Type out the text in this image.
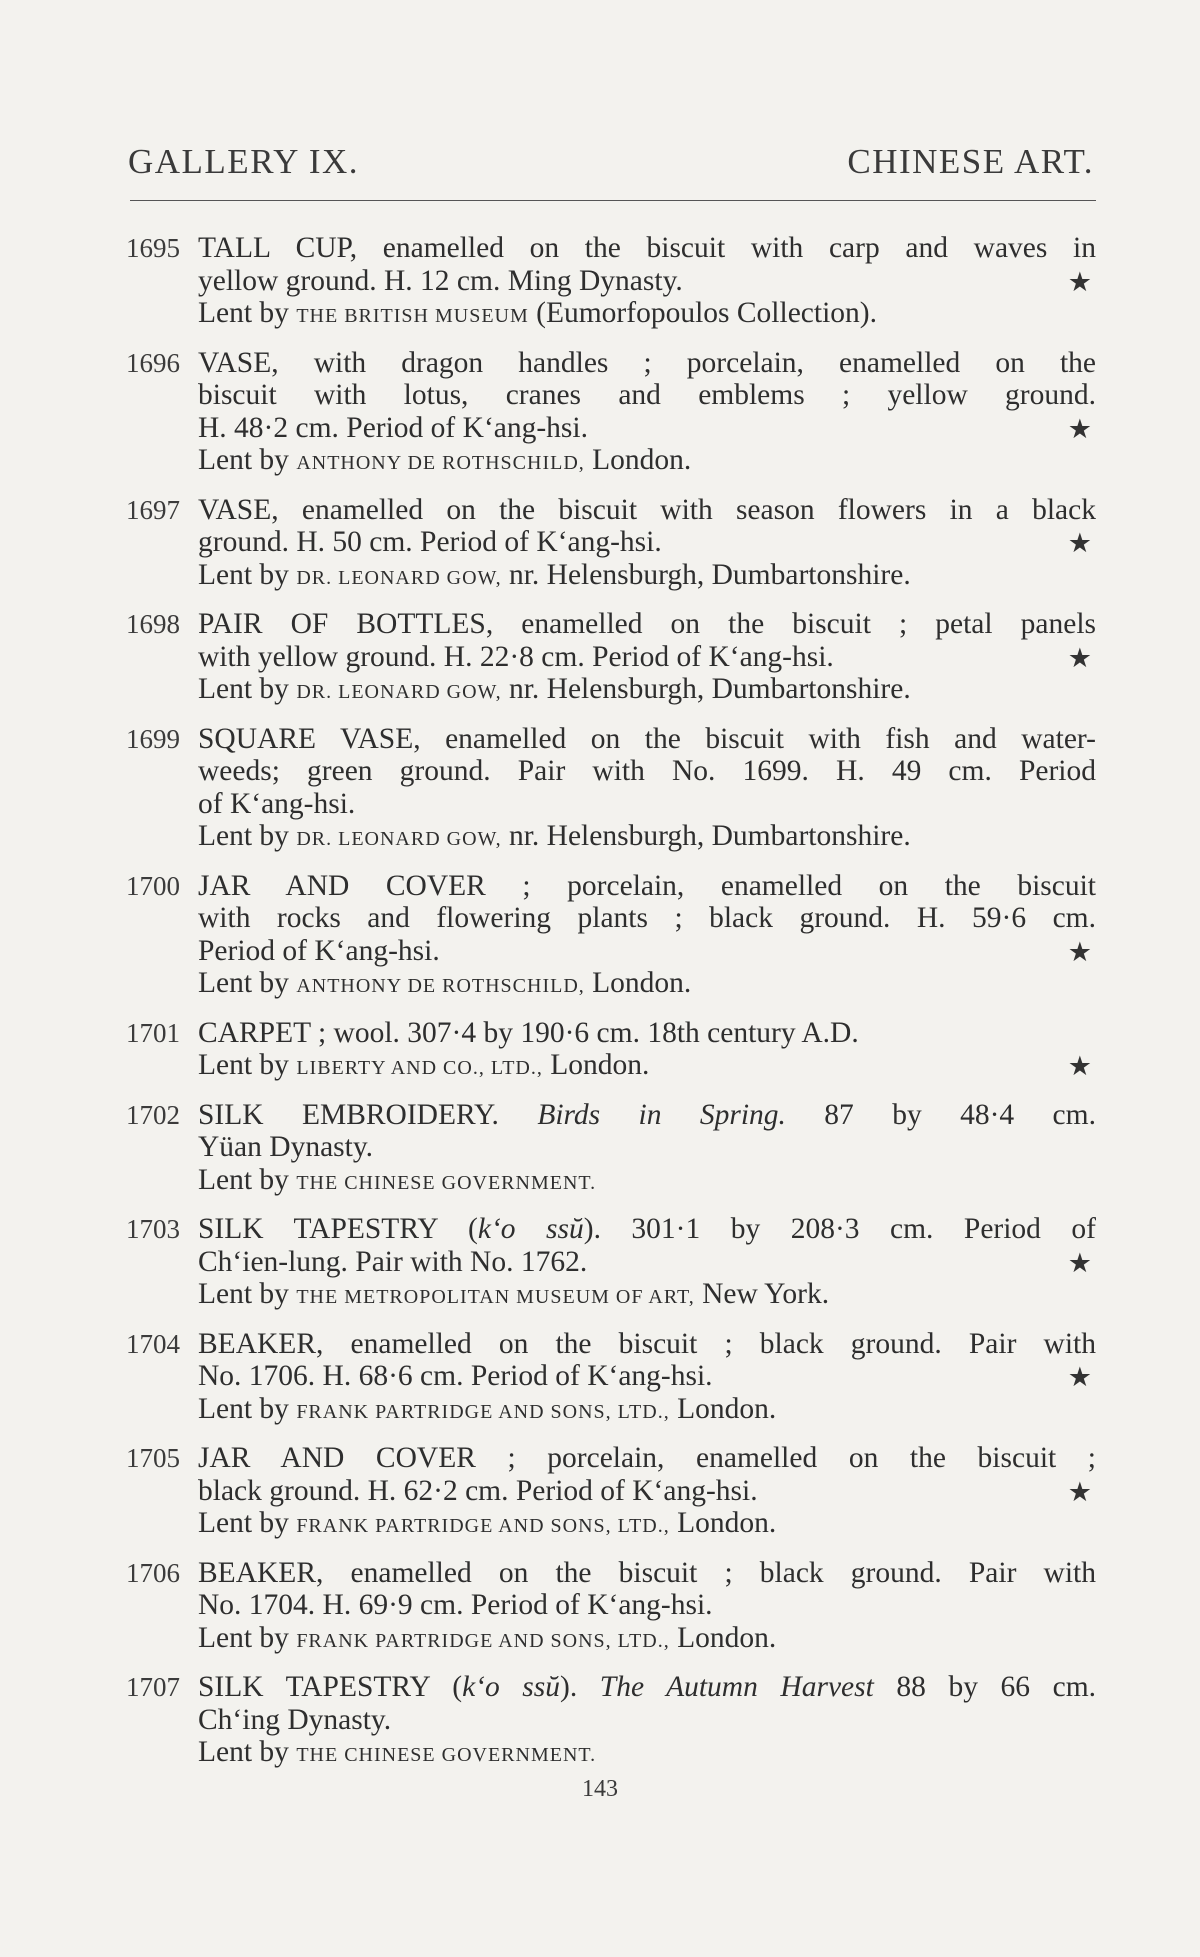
GALLERY IX.	CHINESE ART.
1695 TALL CUP, enamelled on the biscuit with carp and waves in
yellow ground. H. 12 cm. Ming Dynasty.	★
Lent by THE BRITISH MUSEUM (Eumorfopoulos Collection).
1696 VASE, with dragon handles ; porcelain, enamelled on the
biscuit with lotus, cranes and emblems ; yellow ground.
H. 48·2 cm. Period of K‘ang-hsi.	★
Lent by ANTHONY DE ROTHSCHILD, London.
1697 VASE, enamelled on the biscuit with season flowers in a black
ground. H. 50 cm. Period of K‘ang-hsi.	★
Lent by DR. LEONARD GOW, nr. Helensburgh, Dumbartonshire.
1698 PAIR OF BOTTLES, enamelled on the biscuit ; petal panels
with yellow ground. H. 22·8 cm. Period of K‘ang-hsi.	★
Lent by DR. LEONARD GOW, nr. Helensburgh, Dumbartonshire.
1699 SQUARE VASE, enamelled on the biscuit with fish and water-
weeds; green ground. Pair with No. 1699. H. 49 cm. Period
of K‘ang-hsi.
Lent by DR. LEONARD GOW, nr. Helensburgh, Dumbartonshire.
1700 JAR AND COVER ; porcelain, enamelled on the biscuit
with rocks and flowering plants ; black ground. H. 59·6 cm.
Period of K‘ang-hsi.	★
Lent by ANTHONY DE ROTHSCHILD, London.
1701 CARPET ; wool. 307·4 by 190·6 cm. 18th century A.D.
Lent by LIBERTY AND CO., LTD., London.	★
1702 SILK EMBROIDERY. Birds in Spring. 87 by 48·4 cm.
Yüan Dynasty.
Lent by THE CHINESE GOVERNMENT.
1703 SILK TAPESTRY (k‘o ssŭ). 301·1 by 208·3 cm. Period of
Ch‘ien-lung. Pair with No. 1762.	★
Lent by THE METROPOLITAN MUSEUM OF ART, New York.
1704 BEAKER, enamelled on the biscuit ; black ground. Pair with
No. 1706. H. 68·6 cm. Period of K‘ang-hsi.	★
Lent by FRANK PARTRIDGE AND SONS, LTD., London.
1705 JAR AND COVER ; porcelain, enamelled on the biscuit ;
black ground. H. 62·2 cm. Period of K‘ang-hsi.	★
Lent by FRANK PARTRIDGE AND SONS, LTD., London.
1706 BEAKER, enamelled on the biscuit ; black ground. Pair with
No. 1704. H. 69·9 cm. Period of K‘ang-hsi.
Lent by FRANK PARTRIDGE AND SONS, LTD., London.
1707 SILK TAPESTRY (k‘o ssŭ). The Autumn Harvest 88 by 66 cm.
Ch‘ing Dynasty.
Lent by THE CHINESE GOVERNMENT.
143
